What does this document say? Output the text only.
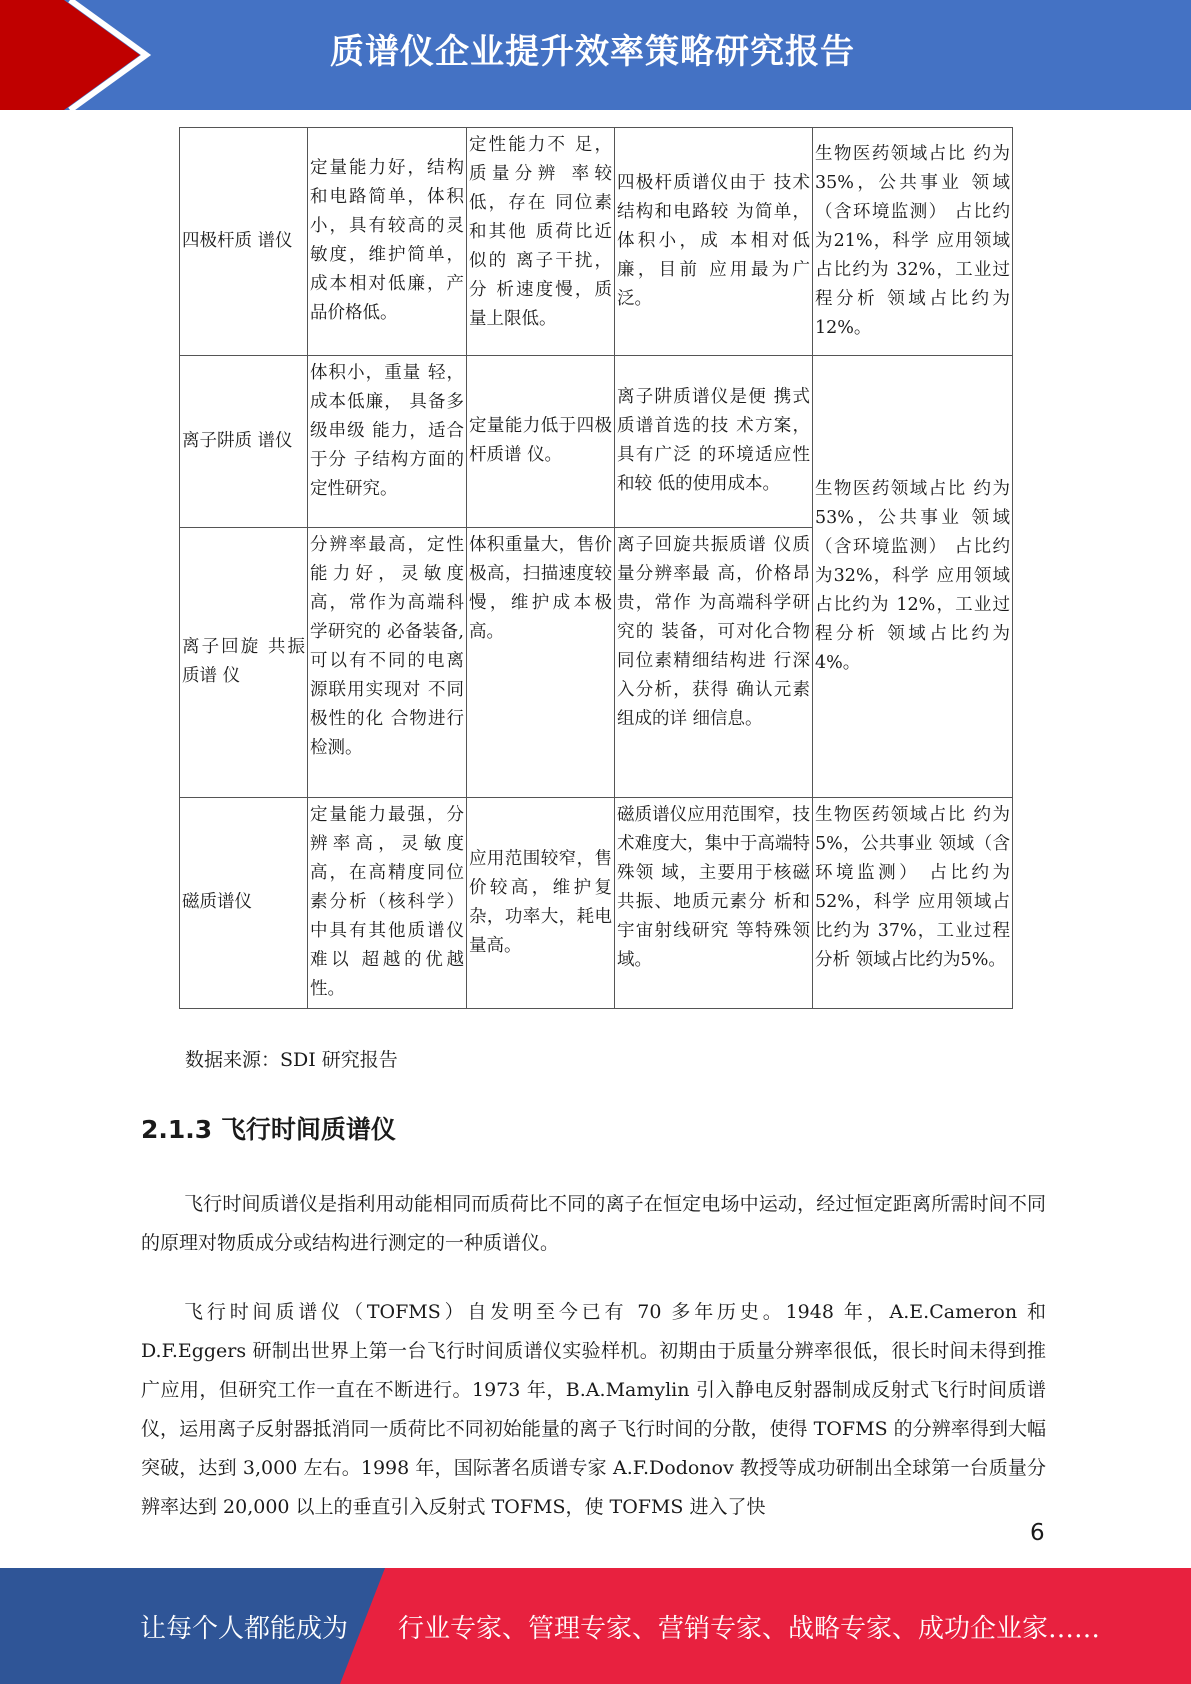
质谱仪企业提升效率策略研究报告
四极杆质 谱仪	定量能力好，结构和电路简单，体积小，具有较高的灵敏度，维护简单，成本相对低廉，产品价格低。	定性能力不 足，质量分辨 率较低，存在 同位素和其他 质荷比近似的 离子干扰，分 析速度慢，质 量上限低。	四极杆质谱仪由于 技术结构和电路较 为简单，体积小，成 本相对低廉，目前 应用最为广泛。	生物医药领域占比 约为35%，公共事业 领域（含环境监测） 占比约为21%，科学 应用领域占比约为 32%，工业过程分析 领域占比约为12%。
离子阱质 谱仪	体积小，重量 轻，成本低廉， 具备多级串级 能力，适合于分 子结构方面的 定性研究。	定量能力低于四极杆质谱 仪。	离子阱质谱仪是便 携式质谱首选的技 术方案，具有广泛 的环境适应性和较 低的使用成本。	生物医药领域占比 约为53%，公共事业 领域（含环境监测） 占比约为32%，科学 应用领域占比约为 12%，工业过程分析 领域占比约为4%。
离子回旋 共振质谱 仪	分辨率最高，定性能力好，灵敏度高，常作为高端科学研究的 必备装备,可以有不同的电离 源联用实现对 不同极性的化 合物进行检测。	体积重量大，售价极高，扫描速度较慢，维护成本极 高。	离子回旋共振质谱 仪质量分辨率最 高，价格昂贵，常作 为高端科学研究的 装备，可对化合物同位素精细结构进 行深入分析，获得 确认元素组成的详 细信息。	
磁质谱仪	定量能力最强，分辨率高，灵敏度高，在高精度同位素分析（核科学）中具有其他质谱仪难以 超越的优越性。	应用范围较窄，售价较高，维护复杂，功率大，耗电量高。	磁质谱仪应用范围窄，技术难度大，集中于高端特殊领 域，主要用于核磁 共振、地质元素分 析和宇宙射线研究 等特殊领域。	生物医药领域占比 约为5%，公共事业 领域（含环境监测） 占比约为52%，科学 应用领域占比约为 37%，工业过程分析 领域占比约为5%。
数据来源：SDI 研究报告
2.1.3 飞行时间质谱仪
飞行时间质谱仪是指利用动能相同而质荷比不同的离子在恒定电场中运动，经过恒定距离所需时间不同的原理对物质成分或结构进行测定的一种质谱仪。
飞行时间质谱仪（TOFMS）自发明至今已有 70 多年历史。1948 年，A.E.Cameron 和 D.F.Eggers 研制出世界上第一台飞行时间质谱仪实验样机。初期由于质量分辨率很低，很长时间未得到推广应用，但研究工作一直在不断进行。1973 年，B.A.Mamylin 引入静电反射器制成反射式飞行时间质谱仪，运用离子反射器抵消同一质荷比不同初始能量的离子飞行时间的分散，使得 TOFMS 的分辨率得到大幅突破，达到 3,000 左右。1998 年，国际著名质谱专家 A.F.Dodonov 教授等成功研制出全球第一台质量分辨率达到 20,000 以上的垂直引入反射式 TOFMS，使 TOFMS 进入了快
6
让每个人都能成为 行业专家、管理专家、营销专家、战略专家、成功企业家……
